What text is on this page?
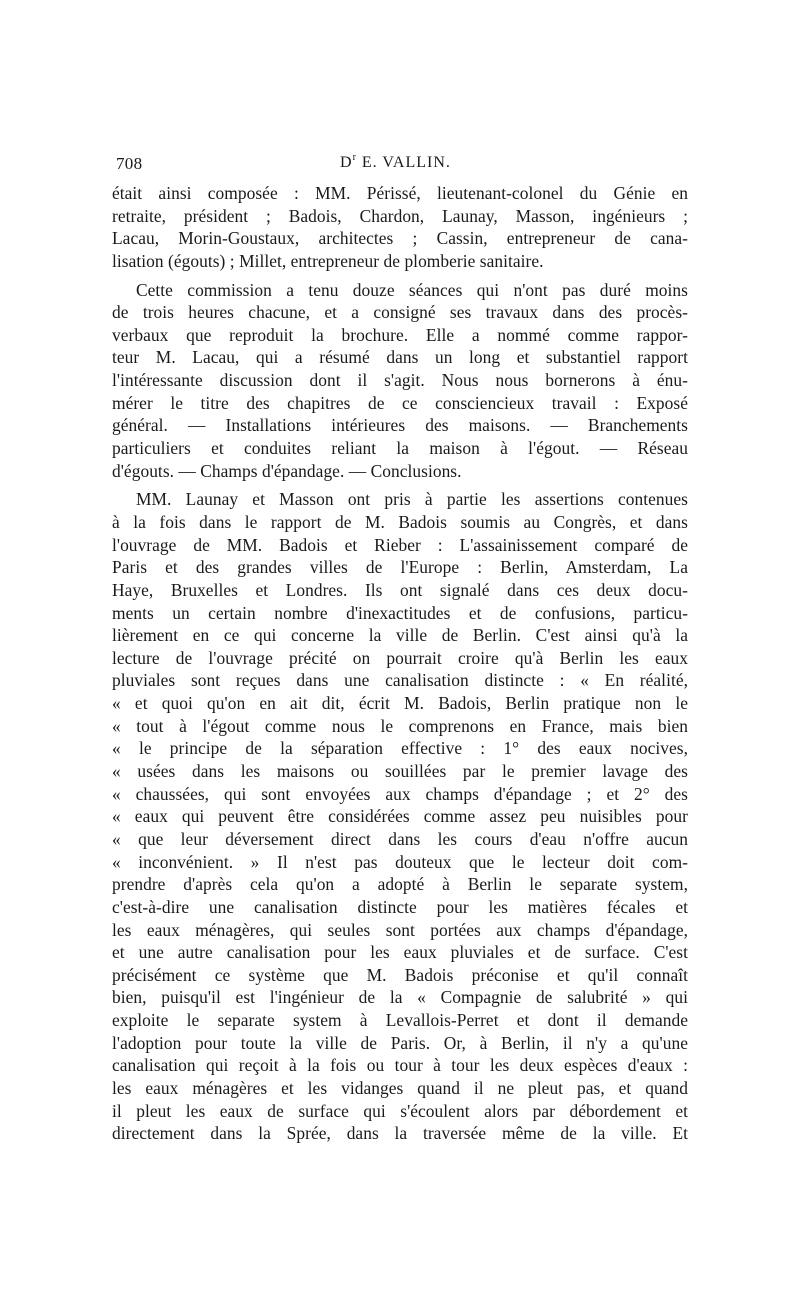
708	$D^r$ E. VALLIN.
était ainsi composée : MM. Périssé, lieutenant-colonel du Génie en
retraite, président ; Badois, Chardon, Launay, Masson, ingénieurs ;
Lacau, Morin-Goustaux, architectes ; Cassin, entrepreneur de cana-
lisation (égouts) ; Millet, entrepreneur de plomberie sanitaire.
Cette commission a tenu douze séances qui n'ont pas duré moins
de trois heures chacune, et a consigné ses travaux dans des procès-
verbaux que reproduit la brochure. Elle a nommé comme rappor-
teur M. Lacau, qui a résumé dans un long et substantiel rapport
l'intéressante discussion dont il s'agit. Nous nous bornerons à énu-
mérer le titre des chapitres de ce consciencieux travail : Exposé
général. — Installations intérieures des maisons. — Branchements
particuliers et conduites reliant la maison à l'égout. — Réseau
d'égouts. — Champs d'épandage. — Conclusions.
MM. Launay et Masson ont pris à partie les assertions contenues
à la fois dans le rapport de M. Badois soumis au Congrès, et dans
l'ouvrage de MM. Badois et Rieber : L'assainissement comparé de
Paris et des grandes villes de l'Europe : Berlin, Amsterdam, La
Haye, Bruxelles et Londres. Ils ont signalé dans ces deux docu-
ments un certain nombre d'inexactitudes et de confusions, particu-
lièrement en ce qui concerne la ville de Berlin. C'est ainsi qu'à la
lecture de l'ouvrage précité on pourrait croire qu'à Berlin les eaux
pluviales sont reçues dans une canalisation distincte : « En réalité,
« et quoi qu'on en ait dit, écrit M. Badois, Berlin pratique non le
« tout à l'égout comme nous le comprenons en France, mais bien
« le principe de la séparation effective : 1° des eaux nocives,
« usées dans les maisons ou souillées par le premier lavage des
« chaussées, qui sont envoyées aux champs d'épandage ; et 2° des
« eaux qui peuvent être considérées comme assez peu nuisibles pour
« que leur déversement direct dans les cours d'eau n'offre aucun
« inconvénient. » Il n'est pas douteux que le lecteur doit com-
prendre d'après cela qu'on a adopté à Berlin le separate system,
c'est-à-dire une canalisation distincte pour les matières fécales et
les eaux ménagères, qui seules sont portées aux champs d'épandage,
et une autre canalisation pour les eaux pluviales et de surface. C'est
précisément ce système que M. Badois préconise et qu'il connaît
bien, puisqu'il est l'ingénieur de la « Compagnie de salubrité » qui
exploite le separate system à Levallois-Perret et dont il demande
l'adoption pour toute la ville de Paris. Or, à Berlin, il n'y a qu'une
canalisation qui reçoit à la fois ou tour à tour les deux espèces d'eaux :
les eaux ménagères et les vidanges quand il ne pleut pas, et quand
il pleut les eaux de surface qui s'écoulent alors par débordement et
directement dans la Sprée, dans la traversée même de la ville. Et
